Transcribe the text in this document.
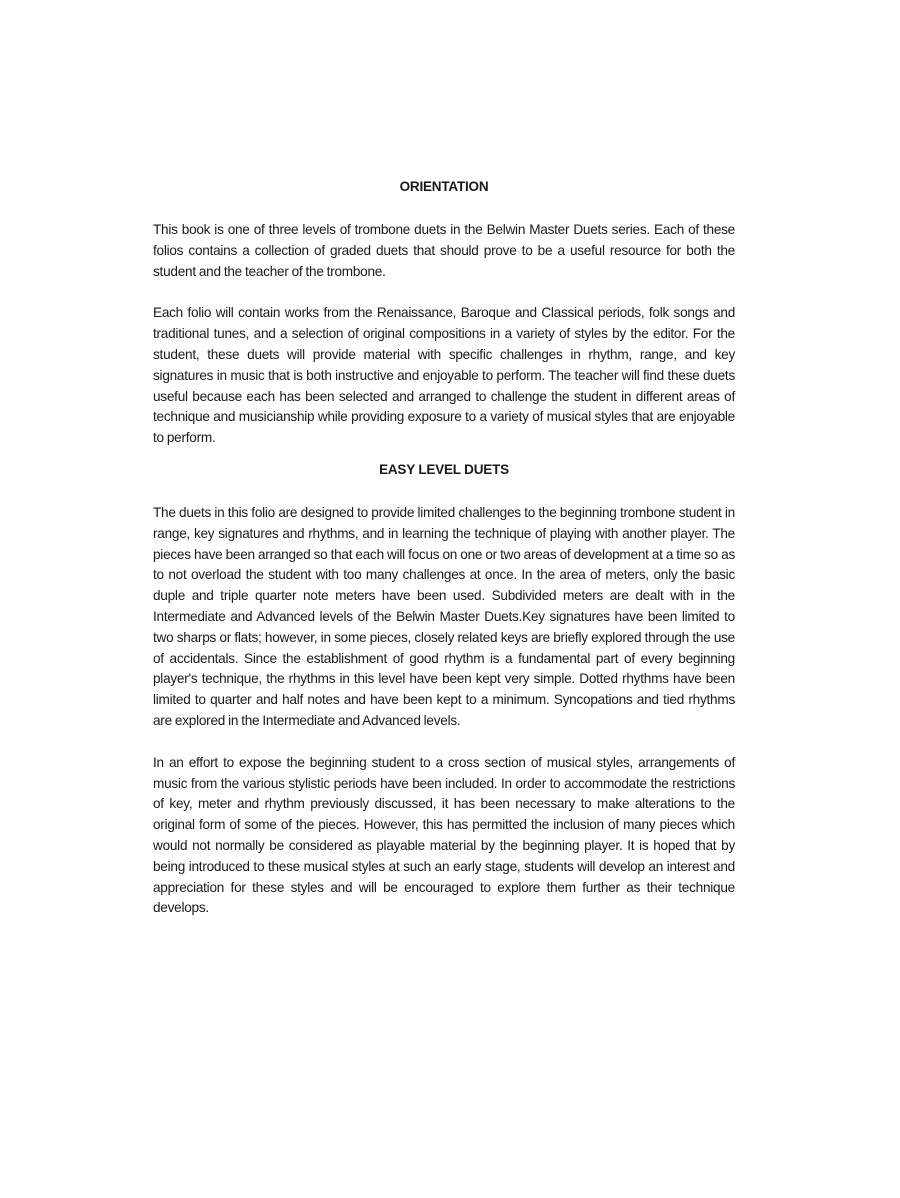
ORIENTATION

This book is one of three levels of trombone duets in the Belwin Master Duets series. Each of these folios contains a collection of graded duets that should prove to be a useful resource for both the student and the teacher of the trombone.

Each folio will contain works from the Renaissance, Baroque and Classical periods, folk songs and traditional tunes, and a selection of original compositions in a variety of styles by the editor. For the student, these duets will provide material with specific challenges in rhythm, range, and key signatures in music that is both instructive and enjoyable to perform. The teacher will find these duets useful because each has been selected and arranged to challenge the student in different areas of technique and musicianship while providing exposure to a variety of musical styles that are enjoyable to perform.

EASY LEVEL DUETS

The duets in this folio are designed to provide limited challenges to the beginning trombone student in range, key signatures and rhythms, and in learning the technique of playing with another player. The pieces have been arranged so that each will focus on one or two areas of development at a time so as to not overload the student with too many challenges at once. In the area of meters, only the basic duple and triple quarter note meters have been used. Subdivided meters are dealt with in the Intermediate and Advanced levels of the Belwin Master Duets.Key signatures have been limited to two sharps or flats; however, in some pieces, closely related keys are briefly explored through the use of accidentals. Since the establishment of good rhythm is a fundamental part of every beginning player's technique, the rhythms in this level have been kept very simple. Dotted rhythms have been limited to quarter and half notes and have been kept to a minimum. Syncopations and tied rhythms are explored in the Intermediate and Advanced levels.

In an effort to expose the beginning student to a cross section of musical styles, arrangements of music from the various stylistic periods have been included. In order to accommodate the restrictions of key, meter and rhythm previously discussed, it has been necessary to make alterations to the original form of some of the pieces. However, this has permitted the inclusion of many pieces which would not normally be considered as playable material by the beginning player. It is hoped that by being introduced to these musical styles at such an early stage, students will develop an interest and appreciation for these styles and will be encouraged to explore them further as their technique develops.
